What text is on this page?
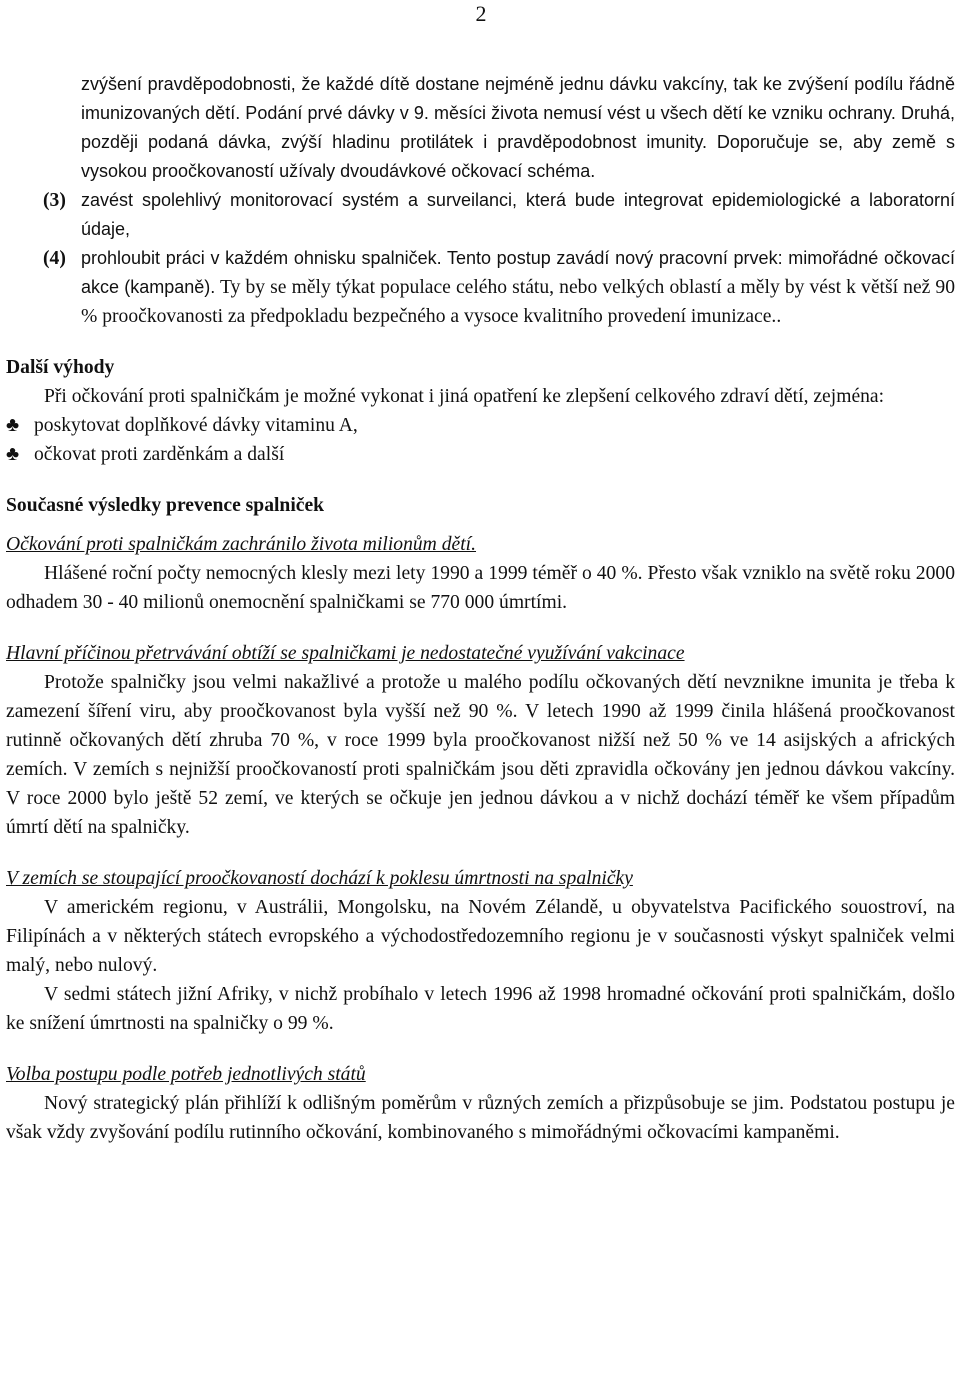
2

zvýšení pravděpodobnosti, že každé dítě dostane nejméně jednu dávku vakcíny, tak ke zvýšení podílu řádně imunizovaných dětí. Podání prvé dávky v 9. měsíci života nemusí vést u všech dětí ke vzniku ochrany. Druhá, později podaná dávka, zvýší hladinu protilátek i pravděpodobnost imunity. Doporučuje se, aby země s vysokou proočkovaností užívaly dvoudávkové očkovací schéma.

(3) zavést spolehlivý monitorovací systém a surveilanci, která bude integrovat epidemiologické a laboratorní údaje,

(4) prohloubit práci v každém ohnisku spalniček. Tento postup zavádí nový pracovní prvek: mimořádné očkovací akce (kampaně). Ty by se měly týkat populace celého státu, nebo velkých oblastí a měly by vést k větší než 90 % proočkovanosti za předpokladu bezpečného a vysoce kvalitního provedení imunizace..

Další výhody

Při očkování proti spalničkám je možné vykonat i jiná opatření ke zlepšení celkového zdraví dětí, zejména:

♣ poskytovat doplňkové dávky vitaminu A,
♣ očkovat proti zarděnkám a další

Současné výsledky prevence spalniček

Očkování proti spalničkám zachránilo života milionům dětí.

Hlášené roční počty nemocných klesly mezi lety 1990 a 1999 téměř o 40 %. Přesto však vzniklo na světě roku 2000 odhadem 30 - 40 milionů onemocnění spalničkami se 770 000 úmrtími.

Hlavní příčinou přetrvávání obtíží se spalničkami je nedostatečné využívání vakcinace

Protože spalničky jsou velmi nakažlivé a protože u malého podílu očkovaných dětí nevznikne imunita je třeba k zamezení šíření viru, aby proočkovanost byla vyšší než 90 %. V letech 1990 až 1999 činila hlášená proočkovanost rutinně očkovaných dětí zhruba 70 %, v roce 1999 byla proočkovanost nižší než 50 % ve 14 asijských a afrických zemích. V zemích s nejnižší proočkovaností proti spalničkám jsou děti zpravidla očkovány jen jednou dávkou vakcíny. V roce 2000 bylo ještě 52 zemí, ve kterých se očkuje jen jednou dávkou a v nichž dochází téměř ke všem případům úmrtí dětí na spalničky.

V zemích se stoupající proočkovaností dochází k poklesu úmrtnosti na spalničky

V americkém regionu, v Austrálii, Mongolsku, na Novém Zélandě, u obyvatelstva Pacifického souostroví, na Filipínách a v některých státech evropského a východostředozemního regionu je v současnosti výskyt spalniček velmi malý, nebo nulový.

V sedmi státech jižní Afriky, v nichž probíhalo v letech 1996 až 1998 hromadné očkování proti spalničkám, došlo ke snížení úmrtnosti na spalničky o 99 %.

Volba postupu podle potřeb jednotlivých států

Nový strategický plán přihlíží k odlišným poměrům v různých zemích a přizpůsobuje se jim. Podstatou postupu je však vždy zvyšování podílu rutinního očkování, kombinovaného s mimořádnými očkovacími kampaněmi.
